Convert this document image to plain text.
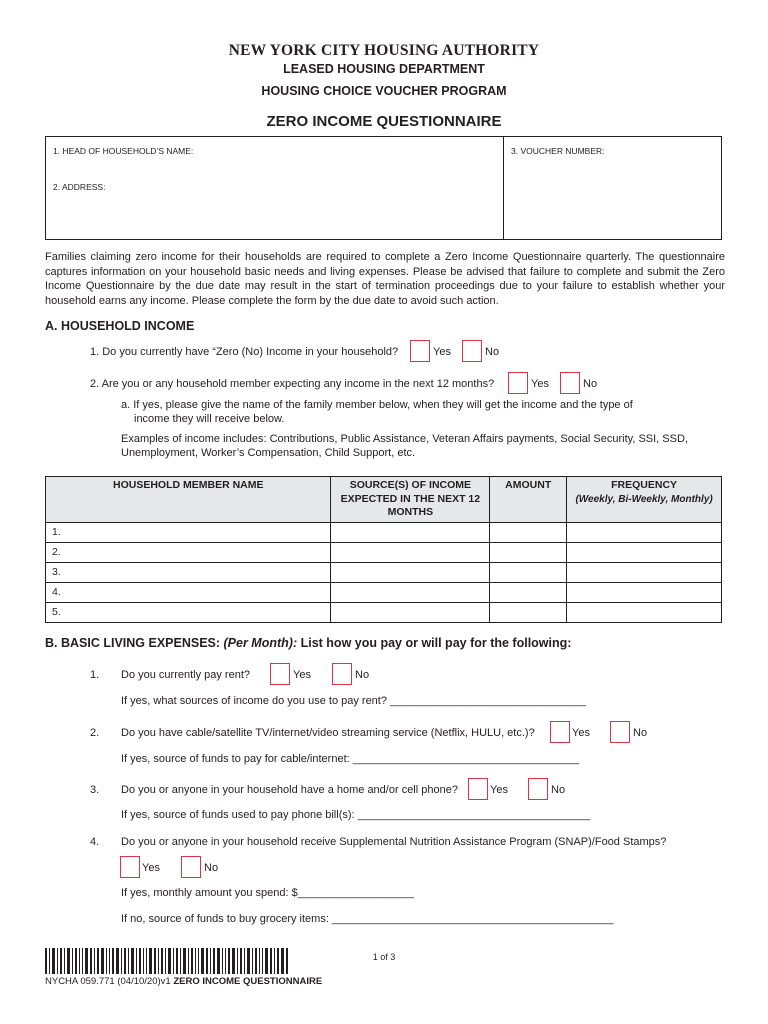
NEW YORK CITY HOUSING AUTHORITY
LEASED HOUSING DEPARTMENT
HOUSING CHOICE VOUCHER PROGRAM
ZERO INCOME QUESTIONNAIRE
1. HEAD OF HOUSEHOLD’S NAME:
2. ADDRESS:
3. VOUCHER NUMBER:
Families claiming zero income for their households are required to complete a Zero Income Questionnaire quarterly. The questionnaire captures information on your household basic needs and living expenses. Please be advised that failure to complete and submit the Zero Income Questionnaire by the due date may result in the start of termination proceedings due to your failure to establish whether your household earns any income. Please complete the form by the due date to avoid such action.
A. HOUSEHOLD INCOME
1. Do you currently have “Zero (No) Income in your household?	Yes	No
2. Are you or any household member expecting any income in the next 12 months?	Yes	No
a. If yes, please give the name of the family member below, when they will get the income and the type of
income they will receive below.
Examples of income includes: Contributions, Public Assistance, Veteran Affairs payments, Social Security, SSI, SSD, Unemployment, Worker’s Compensation, Child Support, etc.
HOUSEHOLD MEMBER NAME	SOURCE(S) OF INCOME EXPECTED IN THE NEXT 12 MONTHS	AMOUNT	FREQUENCY
(Weekly, Bi-Weekly, Monthly)

1.			
2.			
3.			
4.			
5.			
B. BASIC LIVING EXPENSES: (Per Month): List how you pay or will pay for the following:
1. Do you currently pay rent?	Yes	No
If yes, what sources of income do you use to pay rent? ________________________________
2. Do you have cable/satellite TV/internet/video streaming service (Netflix, HULU, etc.)?	Yes	No
If yes, source of funds to pay for cable/internet: _____________________________________
3. Do you or anyone in your household have a home and/or cell phone?	Yes	No
If yes, source of funds used to pay phone bill(s): ______________________________________
4. Do you or anyone in your household receive Supplemental Nutrition Assistance Program (SNAP)/Food Stamps?
Yes	No
If yes, monthly amount you spend: $___________________
If no, source of funds to buy grocery items: ______________________________________________
1 of 3
NYCHA 059.771 (04/10/20)v1 ZERO INCOME QUESTIONNAIRE
